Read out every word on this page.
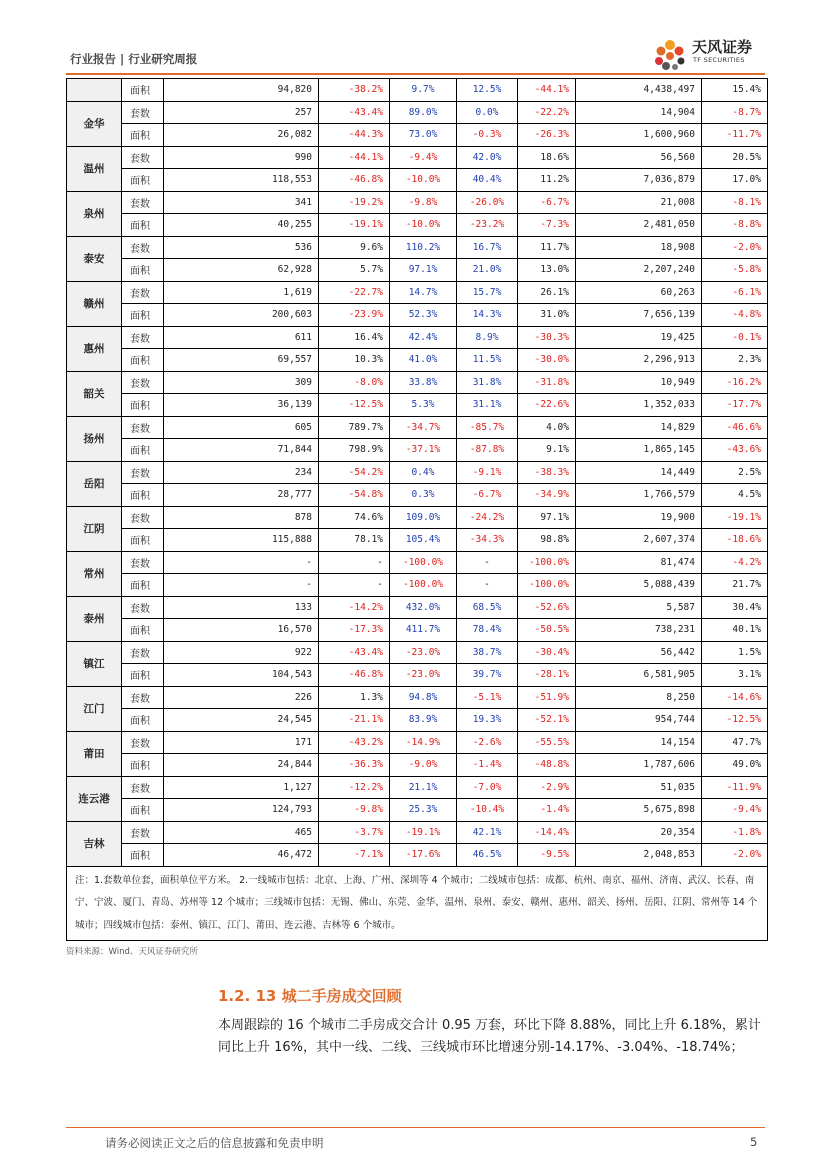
行业报告 | 行业研究周报
天风证券
TF SECURITIES
	面积	94,820	-38.2%	9.7%	12.5%	-44.1%	4,438,497	15.4%
金华	套数	257	-43.4%	89.0%	0.0%	-22.2%	14,904	-8.7%
	面积	26,082	-44.3%	73.0%	-0.3%	-26.3%	1,600,960	-11.7%
温州	套数	990	-44.1%	-9.4%	42.0%	18.6%	56,560	20.5%
	面积	118,553	-46.8%	-10.0%	40.4%	11.2%	7,036,879	17.0%
泉州	套数	341	-19.2%	-9.8%	-26.0%	-6.7%	21,008	-8.1%
	面积	40,255	-19.1%	-10.0%	-23.2%	-7.3%	2,481,050	-8.8%
泰安	套数	536	9.6%	110.2%	16.7%	11.7%	18,908	-2.0%
	面积	62,928	5.7%	97.1%	21.0%	13.0%	2,207,240	-5.8%
赣州	套数	1,619	-22.7%	14.7%	15.7%	26.1%	60,263	-6.1%
	面积	200,603	-23.9%	52.3%	14.3%	31.0%	7,656,139	-4.8%
惠州	套数	611	16.4%	42.4%	8.9%	-30.3%	19,425	-0.1%
	面积	69,557	10.3%	41.0%	11.5%	-30.0%	2,296,913	2.3%
韶关	套数	309	-8.0%	33.8%	31.8%	-31.8%	10,949	-16.2%
	面积	36,139	-12.5%	5.3%	31.1%	-22.6%	1,352,033	-17.7%
扬州	套数	605	789.7%	-34.7%	-85.7%	4.0%	14,829	-46.6%
	面积	71,844	798.9%	-37.1%	-87.8%	9.1%	1,865,145	-43.6%
岳阳	套数	234	-54.2%	0.4%	-9.1%	-38.3%	14,449	2.5%
	面积	28,777	-54.8%	0.3%	-6.7%	-34.9%	1,766,579	4.5%
江阴	套数	878	74.6%	109.0%	-24.2%	97.1%	19,900	-19.1%
	面积	115,888	78.1%	105.4%	-34.3%	98.8%	2,607,374	-18.6%
常州	套数	-	-	-100.0%	-	-100.0%	81,474	-4.2%
	面积	-	-	-100.0%	-	-100.0%	5,088,439	21.7%
泰州	套数	133	-14.2%	432.0%	68.5%	-52.6%	5,587	30.4%
	面积	16,570	-17.3%	411.7%	78.4%	-50.5%	738,231	40.1%
镇江	套数	922	-43.4%	-23.0%	38.7%	-30.4%	56,442	1.5%
	面积	104,543	-46.8%	-23.0%	39.7%	-28.1%	6,581,905	3.1%
江门	套数	226	1.3%	94.8%	-5.1%	-51.9%	8,250	-14.6%
	面积	24,545	-21.1%	83.9%	19.3%	-52.1%	954,744	-12.5%
莆田	套数	171	-43.2%	-14.9%	-2.6%	-55.5%	14,154	47.7%
	面积	24,844	-36.3%	-9.0%	-1.4%	-48.8%	1,787,606	49.0%
连云港	套数	1,127	-12.2%	21.1%	-7.0%	-2.9%	51,035	-11.9%
	面积	124,793	-9.8%	25.3%	-10.4%	-1.4%	5,675,898	-9.4%
吉林	套数	465	-3.7%	-19.1%	42.1%	-14.4%	20,354	-1.8%
	面积	46,472	-7.1%	-17.6%	46.5%	-9.5%	2,048,853	-2.0%
注：1.套数单位套，面积单位平方米。 2.一线城市包括：北京、上海、广州、深圳等 4 个城市；二线城市包括：成都、杭州、南京、福州、济南、武汉、长春、南宁、宁波、厦门、青岛、苏州等 12 个城市；三线城市包括：无锡、佛山、东莞、金华、温州、泉州、泰安、赣州、惠州、韶关、扬州、岳阳、江阴、常州等 14 个城市；四线城市包括：泰州、镇江、江门、莆田、连云港、吉林等 6 个城市。								
资料来源：Wind、天风证券研究所
1.2. 13 城二手房成交回顾
本周跟踪的 16 个城市二手房成交合计 0.95 万套，环比下降 8.88%，同比上升 6.18%，累计同比上升 16%，其中一线、二线、三线城市环比增速分别-14.17%、-3.04%、-18.74%；
请务必阅读正文之后的信息披露和免责申明	5
